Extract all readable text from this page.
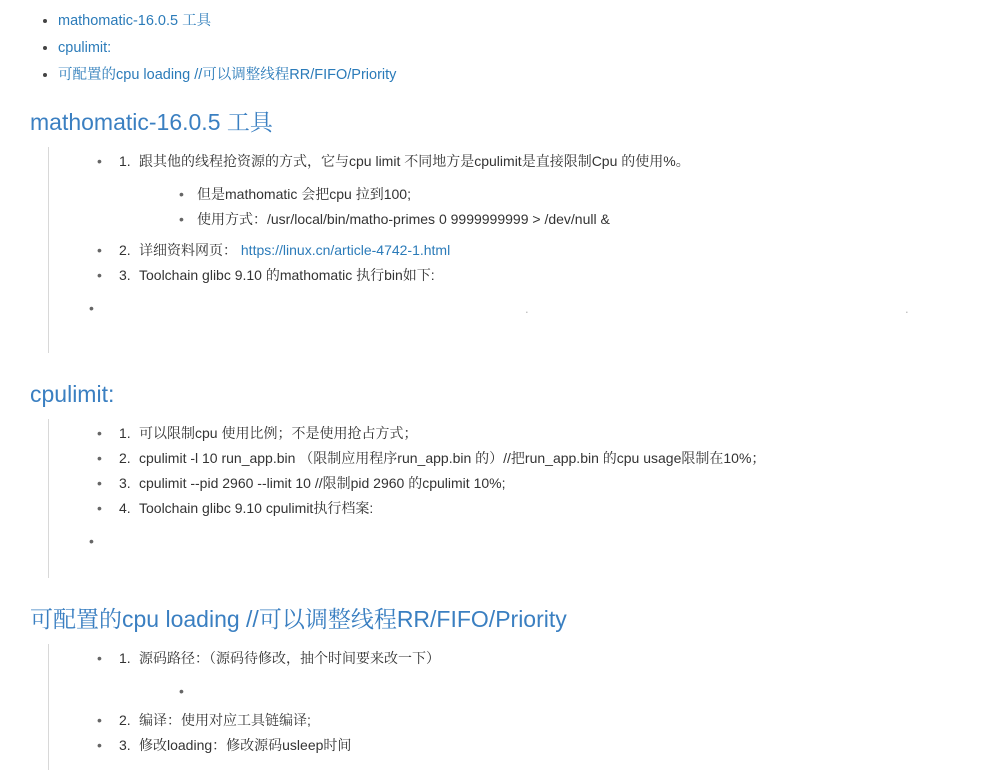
• mathomatic-16.0.5 工具
• cpulimit:
• 可配置的cpu loading //可以调整线程RR/FIFO/Priority
mathomatic-16.0.5 工具
• 1. 跟其他的线程抢资源的方式，它与cpu limit 不同地方是cpulimit是直接限制Cpu 的使用%。
• 但是mathomatic 会把cpu 拉到100;
• 使用方式：/usr/local/bin/matho-primes 0 9999999999 > /dev/null &
• 2. 详细资料网页： https://linux.cn/article-4742-1.html
• 3. Toolchain glibc 9.10 的mathomatic 执行bin如下:
• .	.
cpulimit:
• 1. 可以限制cpu 使用比例；不是使用抢占方式；
• 2. cpulimit -l 10 run_app.bin （限制应用程序run_app.bin 的）//把run_app.bin 的cpu usage限制在10%；
• 3. cpulimit --pid 2960 --limit 10 //限制pid 2960 的cpulimit 10%;
• 4. Toolchain glibc 9.10 cpulimit执行档案:
•
可配置的cpu loading //可以调整线程RR/FIFO/Priority
• 1. 源码路径：（源码待修改，抽个时间要来改一下）
•
• 2. 编译：使用对应工具链编译;
• 3. 修改loading：修改源码usleep时间
